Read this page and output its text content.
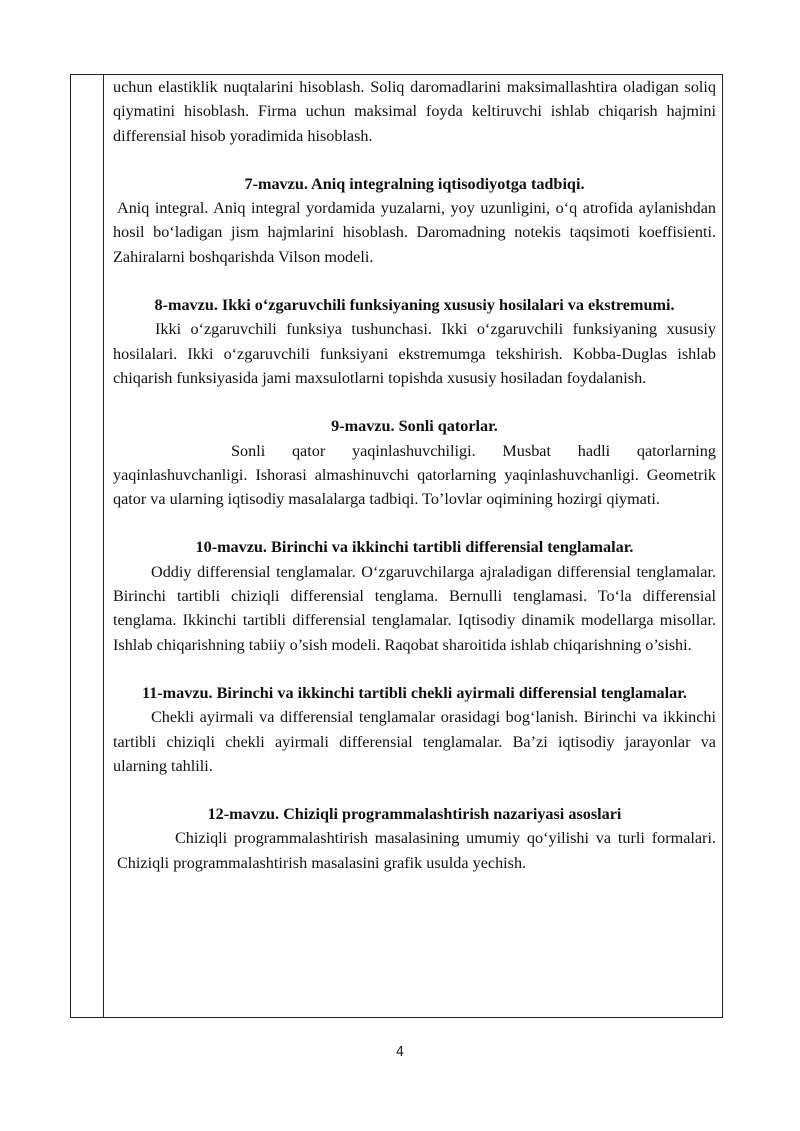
uchun elastiklik nuqtalarini hisoblash. Soliq daromadlarini maksimallashtira oladigan soliq qiymatini hisoblash. Firma uchun maksimal foyda keltiruvchi ishlab chiqarish hajmini differensial hisob yoradimida hisoblash.

7-mavzu. Aniq integralning iqtisodiyotga tadbiqi.

Aniq integral. Aniq integral yordamida yuzalarni, yoy uzunligini, o‘q atrofida aylanishdan hosil bo‘ladigan jism hajmlarini hisoblash. Daromadning notekis taqsimoti koeffisienti. Zahiralarni boshqarishda Vilson modeli.

8-mavzu. Ikki o‘zgaruvchili funksiyaning xususiy hosilalari va ekstremumi.

Ikki o‘zgaruvchili funksiya tushunchasi. Ikki o‘zgaruvchili funksiyaning xususiy hosilalari. Ikki o‘zgaruvchili funksiyani ekstremumga tekshirish. Kobba-Duglas ishlab chiqarish funksiyasida jami maxsulotlarni topishda xususiy hosiladan foydalanish.

9-mavzu. Sonli qatorlar.

Sonli qator yaqinlashuvchiligi. Musbat hadli qatorlarning yaqinlashuvchanligi. Ishorasi almashinuvchi qatorlarning yaqinlashuvchanligi. Geometrik qator va ularning iqtisodiy masalalarga tadbiqi. To’lovlar oqimining hozirgi qiymati.

10-mavzu. Birinchi va ikkinchi tartibli differensial tenglamalar.

Oddiy differensial tenglamalar. O‘zgaruvchilarga ajraladigan differensial tenglamalar. Birinchi tartibli chiziqli differensial tenglama. Bernulli tenglamasi. To‘la differensial tenglama. Ikkinchi tartibli differensial tenglamalar. Iqtisodiy dinamik modellarga misollar. Ishlab chiqarishning tabiiy o’sish modeli. Raqobat sharoitida ishlab chiqarishning o’sishi.

11-mavzu. Birinchi va ikkinchi tartibli chekli ayirmali differensial tenglamalar.

Chekli ayirmali va differensial tenglamalar orasidagi bog‘lanish. Birinchi va ikkinchi tartibli chiziqli chekli ayirmali differensial tenglamalar. Ba’zi iqtisodiy jarayonlar va ularning tahlili.

12-mavzu. Chiziqli programmalashtirish nazariyasi asoslari

Chiziqli programmalashtirish masalasining umumiy qo‘yilishi va turli formalari. Chiziqli programmalashtirish masalasini grafik usulda yechish.

4
